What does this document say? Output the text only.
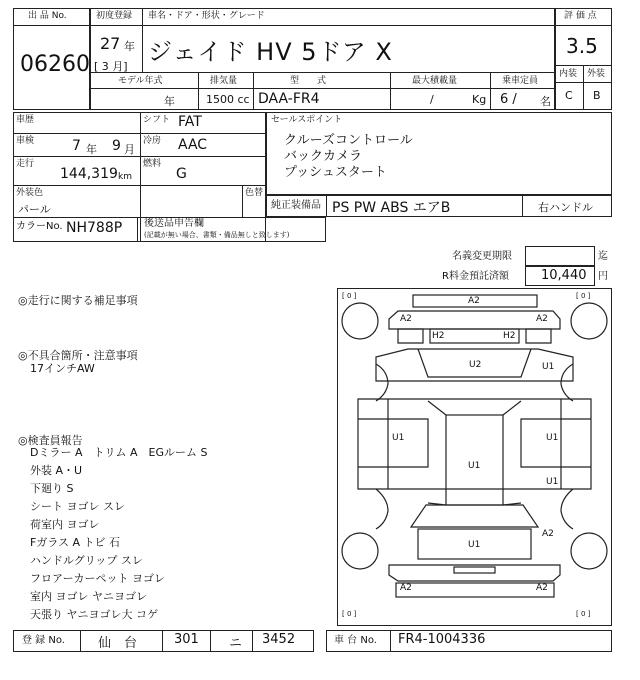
出 品 No.
06260
初度登録 車名・ドア・形状・グレード
27 年
[ 3 月]
ジェイド HV 5ドア X
モデル年式	排気量	型　　式	最大積載量	乗車定員
年	1500 cc DAA-FR4	/	Kg 6 / 名
評 価 点
3.5
内装 外装
C B
車歴	シフト FAT
車検	7 年 9 月
冷房 AAC
走行
144,319 km
燃料
G
外装色
パール
色替
カラーNo. NH788P 後送品申告欄
(記載が無い場合、書類・備品無しと致します)
セールスポイント
クルーズコントロール
バックカメラ
プッシュスタート
純正装備品 PS PW ABS エアB	右ハンドル
名義変更期限	迄
R料金預託済額 10,440 円
◎走行に関する補足事項
◎不具合箇所・注意事項
17インチAW
◎検査員報告
Dミラー A　トリム A　EGルーム S
外装 A・U
下廻り S
シート ヨゴレ スレ
荷室内 ヨゴレ
Fガラス A トビ 石
ハンドルグリップ スレ
フロアーカーペット ヨゴレ
室内 ヨゴレ ヤニヨゴレ
天張り ヤニヨゴレ大 コゲ
[ 0 ]	[ 0 ]
[ 0 ]	[ 0 ]
A2
A2	A2
H2	H2
U2	U1
U1	U1
U1
U1
U1
A2
A2	A2
登 録 No.	仙　台	301 ニ 3452	車 台 No. FR4-1004336
